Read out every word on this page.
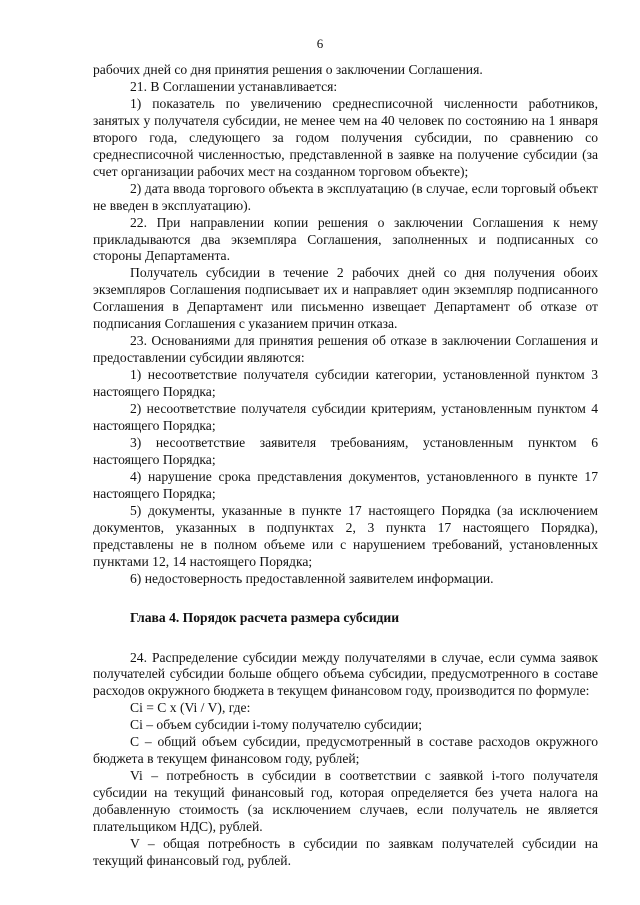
6

рабочих дней со дня принятия решения о заключении Соглашения.

21. В Соглашении устанавливается:

1) показатель по увеличению среднесписочной численности работников, занятых у получателя субсидии, не менее чем на 40 человек по состоянию на 1 января второго года, следующего за годом получения субсидии, по сравнению со среднесписочной численностью, представленной в заявке на получение субсидии (за счет организации рабочих мест на созданном торговом объекте);

2) дата ввода торгового объекта в эксплуатацию (в случае, если торговый объект не введен в эксплуатацию).

22. При направлении копии решения о заключении Соглашения к нему прикладываются два экземпляра Соглашения, заполненных и подписанных со стороны Департамента.

Получатель субсидии в течение 2 рабочих дней со дня получения обоих экземпляров Соглашения подписывает их и направляет один экземпляр подписанного Соглашения в Департамент или письменно извещает Департамент об отказе от подписания Соглашения с указанием причин отказа.

23. Основаниями для принятия решения об отказе в заключении Соглашения и предоставлении субсидии являются:

1) несоответствие получателя субсидии категории, установленной пунктом 3 настоящего Порядка;

2) несоответствие получателя субсидии критериям, установленным пунктом 4 настоящего Порядка;

3) несоответствие заявителя требованиям, установленным пунктом 6 настоящего Порядка;

4) нарушение срока представления документов, установленного в пункте 17 настоящего Порядка;

5) документы, указанные в пункте 17 настоящего Порядка (за исключением документов, указанных в подпунктах 2, 3 пункта 17 настоящего Порядка), представлены не в полном объеме или с нарушением требований, установленных пунктами 12, 14 настоящего Порядка;

6) недостоверность предоставленной заявителем информации.

Глава 4. Порядок расчета размера субсидии

24. Распределение субсидии между получателями в случае, если сумма заявок получателей субсидии больше общего объема субсидии, предусмотренного в составе расходов окружного бюджета в текущем финансовом году, производится по формуле:

Ci = C x (Vi / V), где:

Ci – объем субсидии i-тому получателю субсидии;

C – общий объем субсидии, предусмотренный в составе расходов окружного бюджета в текущем финансовом году, рублей;

Vi – потребность в субсидии в соответствии с заявкой i-того получателя субсидии на текущий финансовый год, которая определяется без учета налога на добавленную стоимость (за исключением случаев, если получатель не является плательщиком НДС), рублей.

V – общая потребность в субсидии по заявкам получателей субсидии на текущий финансовый год, рублей.
